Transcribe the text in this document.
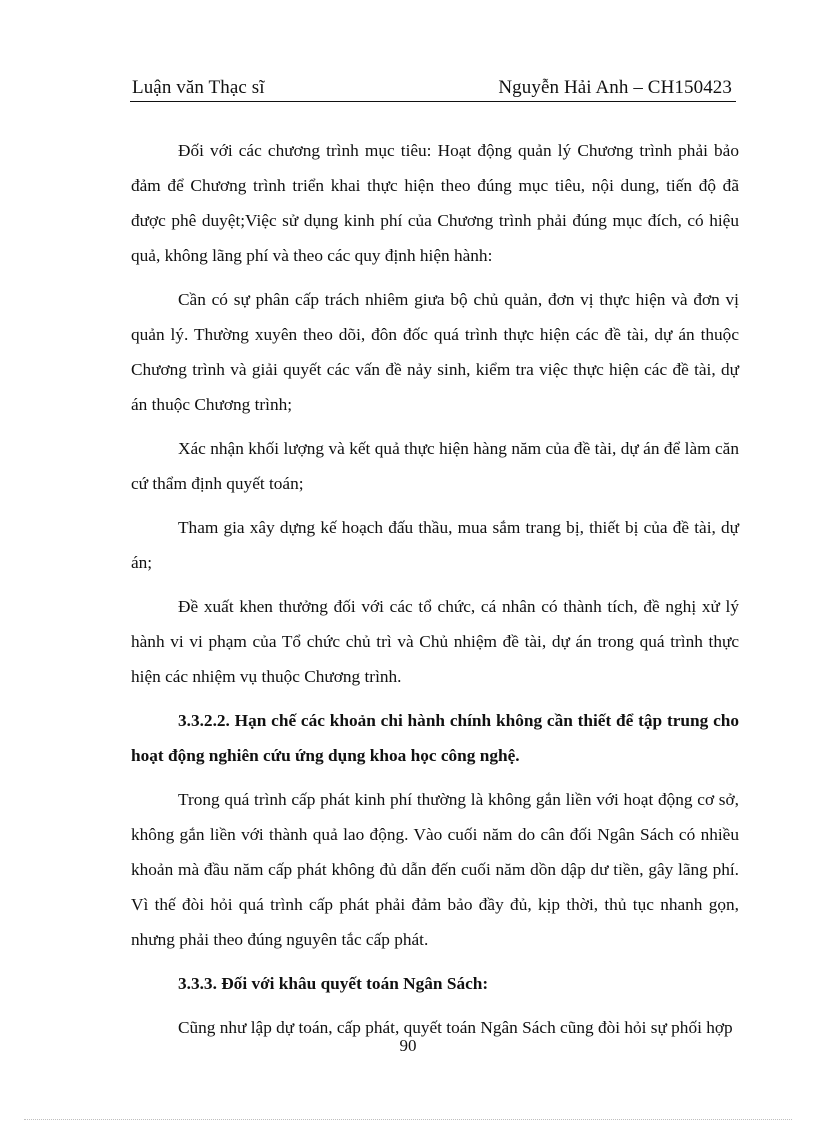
Luận văn Thạc sĩ	Nguyễn Hải Anh – CH150423

Đối với các chương trình mục tiêu: Hoạt động quản lý Chương trình phải bảo đảm để Chương trình triển khai thực hiện theo đúng mục tiêu, nội dung, tiến độ đã được phê duyệt;Việc sử dụng kinh phí của Chương trình phải đúng mục đích, có hiệu quả, không lãng phí và theo các quy định hiện hành:

Cần có sự phân cấp trách nhiêm giưa bộ chủ quản, đơn vị thực hiện và đơn vị quản lý. Thường xuyên theo dõi, đôn đốc quá trình thực hiện các đề tài, dự án thuộc Chương trình và giải quyết các vấn đề nảy sinh, kiểm tra việc thực hiện các đề tài, dự án thuộc Chương trình;

Xác nhận khối lượng và kết quả thực hiện hàng năm của đề tài, dự án để làm căn cứ thẩm định quyết toán;

Tham gia xây dựng kế hoạch đấu thầu, mua sắm trang bị, thiết bị của đề tài, dự án;

Đề xuất khen thưởng đối với các tổ chức, cá nhân có thành tích, đề nghị xử lý hành vi vi phạm của Tổ chức chủ trì và Chủ nhiệm đề tài, dự án trong quá trình thực hiện các nhiệm vụ thuộc Chương trình.

3.3.2.2. Hạn chế các khoản chi hành chính không cần thiết để tập trung cho hoạt động nghiên cứu ứng dụng khoa học công nghệ.

Trong quá trình cấp phát kinh phí thường là không gắn liền với hoạt động cơ sở, không gắn liền với thành quả lao động. Vào cuối năm do cân đối Ngân Sách có nhiều khoản mà đầu năm cấp phát không đủ dẫn đến cuối năm dồn dập dư tiền, gây lãng phí. Vì thế đòi hỏi quá trình cấp phát phải đảm bảo đầy đủ, kịp thời, thủ tục nhanh gọn, nhưng phải theo đúng nguyên tắc cấp phát.

3.3.3. Đối với khâu quyết toán Ngân Sách:

Cũng như lập dự toán, cấp phát, quyết toán Ngân Sách cũng đòi hỏi sự phối hợp

90
